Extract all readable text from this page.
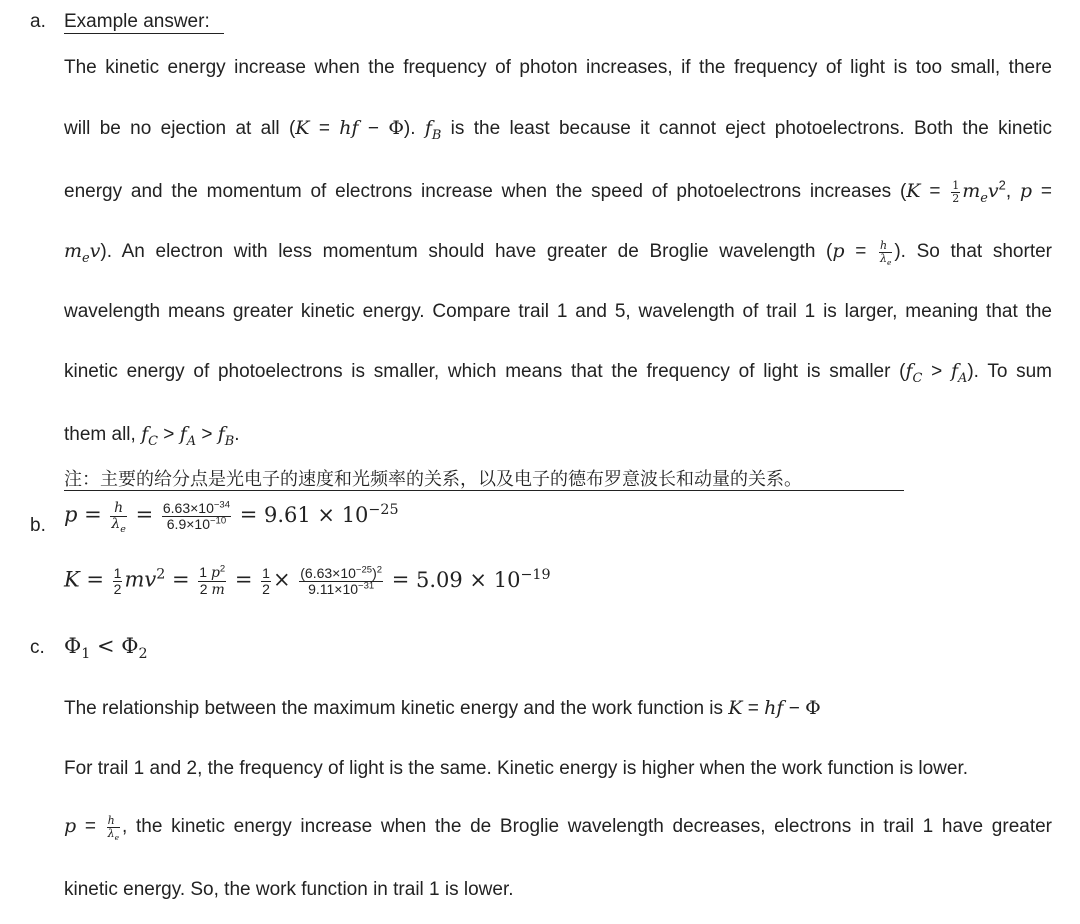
a. Example answer:
The kinetic energy increase when the frequency of photon increases, if the frequency of light is too small, there
will be no ejection at all (K = hf − Φ). $f_B$ is the least because it cannot eject photoelectrons. Both the kinetic
energy and the momentum of electrons increase when the speed of photoelectrons increases ($K = \frac{1}{2} m_ev^2$, p =
$m_ev$). An electron with less momentum should have greater de Broglie wavelength ($p = \frac{h}{\lambda_e}$ ). So that shorter
wavelength means greater kinetic energy. Compare trail 1 and 5, wavelength of trail 1 is larger, meaning that the
kinetic energy of photoelectrons is smaller, which means that the frequency of light is smaller $(f_C > f_A)$. To sum
them all, $f_C > f_A > f_B$.
注：主要的给分点是光电子的速度和光频率的关系，以及电子的德布罗意波长和动量的关系。
b. $p = \frac{h}{\lambda_e} = \frac{6.63\times 10^{-34}}{6.9\times 10^{-10}} = 9.61 \times 10^{-25}$
$K = \frac{1}{2} mv^2 = \frac{1 p^2}{2 m} = \frac{1}{2} \times \frac{(6.63\times 10^{-25})^2}{9.11\times 10^{-31}} = 5.09 \times 10^{-19}$
c. $\Phi_1 < \Phi_2$
The relationship between the maximum kinetic energy and the work function is K = hf − Φ
For trail 1 and 2, the frequency of light is the same. Kinetic energy is higher when the work function is lower.
$p = \frac{h}{\lambda_e}$ , the kinetic energy increase when the de Broglie wavelength decreases, electrons in trail 1 have greater
kinetic energy. So, the work function in trail 1 is lower.
